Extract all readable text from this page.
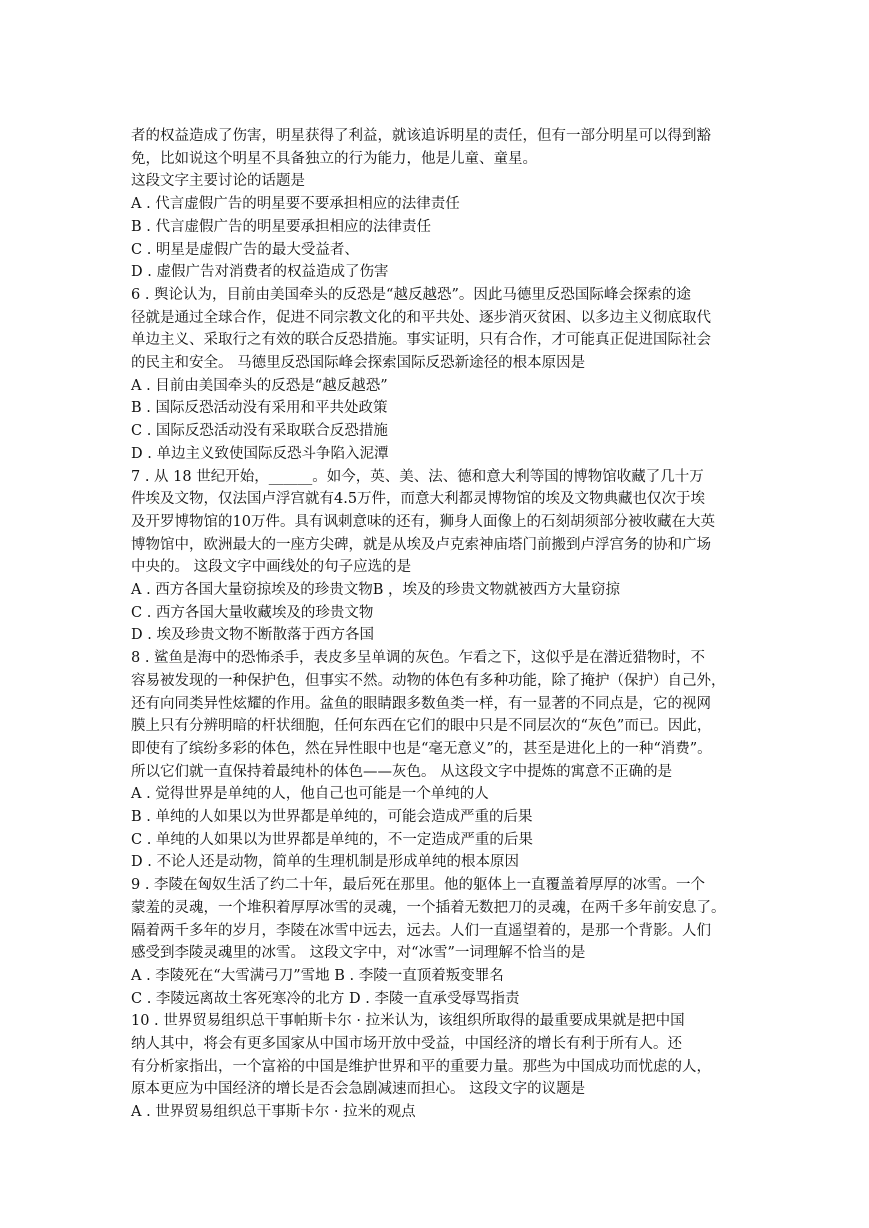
者的权益造成了伤害，明星获得了利益，就该追诉明星的责任，但有一部分明星可以得到豁
免，比如说这个明星不具备独立的行为能力，他是儿童、童星。
这段文字主要讨论的话题是
A . 代言虚假广告的明星要不要承担相应的法律责任
B . 代言虚假广告的明星要承担相应的法律责任
C . 明星是虚假广告的最大受益者、
D . 虚假广告对消费者的权益造成了伤害
6 . 舆论认为，目前由美国牵头的反恐是“越反越恐”。因此马德里反恐国际峰会探索的途
径就是通过全球合作，促进不同宗教文化的和平共处、逐步消灭贫困、以多边主义彻底取代
单边主义、采取行之有效的联合反恐措施。事实证明，只有合作，才可能真正促进国际社会
的民主和安全。 马德里反恐国际峰会探索国际反恐新途径的根本原因是
A . 目前由美国牵头的反恐是“越反越恐”
B . 国际反恐活动没有采用和平共处政策
C . 国际反恐活动没有采取联合反恐措施
D . 单边主义致使国际反恐斗争陷入泥潭
7 . 从 18 世纪开始，______。如今，英、美、法、德和意大利等国的博物馆收藏了几十万
件埃及文物，仅法国卢浮宫就有4.5万件，而意大利都灵博物馆的埃及文物典藏也仅次于埃
及开罗博物馆的10万件。具有讽刺意味的还有，狮身人面像上的石刻胡须部分被收藏在大英
博物馆中，欧洲最大的一座方尖碑，就是从埃及卢克索神庙塔门前搬到卢浮宫务的协和广场
中央的。 这段文字中画线处的句子应选的是
A . 西方各国大量窃掠埃及的珍贵文物B ，埃及的珍贵文物就被西方大量窃掠
C . 西方各国大量收藏埃及的珍贵文物
D . 埃及珍贵文物不断散落于西方各国
8 . 鲨鱼是海中的恐怖杀手，表皮多呈单调的灰色。乍看之下，这似乎是在潜近猎物时，不
容易被发现的一种保护色，但事实不然。动物的体色有多种功能，除了掩护（保护）自己外，
还有向同类异性炫耀的作用。盆鱼的眼睛跟多数鱼类一样，有一显著的不同点是，它的视网
膜上只有分辨明暗的杆状细胞，任何东西在它们的眼中只是不同层次的“灰色”而已。因此，
即使有了缤纷多彩的体色，然在异性眼中也是“毫无意义”的，甚至是进化上的一种“消费”。
所以它们就一直保持着最纯朴的体色——灰色。 从这段文字中提炼的寓意不正确的是
A . 觉得世界是单纯的人，他自己也可能是一个单纯的人
B . 单纯的人如果以为世界都是单纯的，可能会造成严重的后果
C . 单纯的人如果以为世界都是单纯的，不一定造成严重的后果
D . 不论人还是动物，简单的生理机制是形成单纯的根本原因
9 . 李陵在匈奴生活了约二十年，最后死在那里。他的躯体上一直覆盖着厚厚的冰雪。一个
蒙羞的灵魂，一个堆积着厚厚冰雪的灵魂，一个插着无数把刀的灵魂，在两千多年前安息了。
隔着两千多年的岁月，李陵在冰雪中远去，远去。人们一直遥望着的，是那一个背影。人们
感受到李陵灵魂里的冰雪。 这段文字中，对“冰雪”一词理解不恰当的是
A . 李陵死在“大雪满弓刀”雪地 B . 李陵一直顶着叛变罪名
C . 李陵远离故土客死寒冷的北方 D . 李陵一直承受辱骂指责
10 . 世界贸易组织总干事帕斯卡尔 · 拉米认为，该组织所取得的最重要成果就是把中国
纳人其中，将会有更多国家从中国市场开放中受益，中国经济的增长有利于所有人。还
有分析家指出，一个富裕的中国是维护世界和平的重要力量。那些为中国成功而忧虑的人，
原本更应为中国经济的增长是否会急剧减速而担心。 这段文字的议题是
A . 世界贸易组织总干事斯卡尔 · 拉米的观点
